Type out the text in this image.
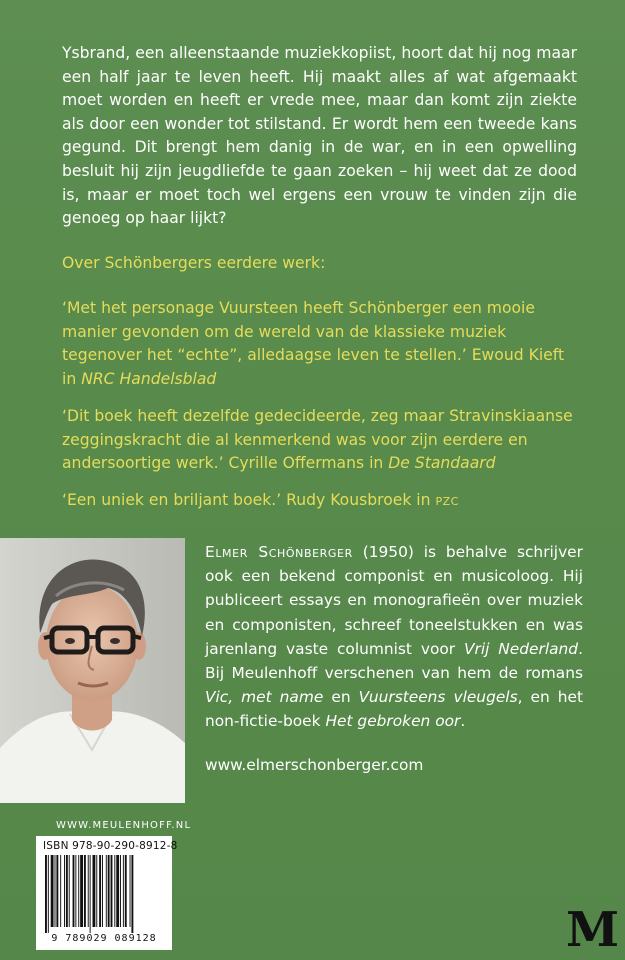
Ysbrand, een alleenstaande muziekkopiist, hoort dat hij nog maar een half jaar te leven heeft. Hij maakt alles af wat afgemaakt moet worden en heeft er vrede mee, maar dan komt zijn ziekte als door een wonder tot stilstand. Er wordt hem een tweede kans gegund. Dit brengt hem danig in de war, en in een opwelling besluit hij zijn jeugdliefde te gaan zoeken – hij weet dat ze dood is, maar er moet toch wel ergens een vrouw te vinden zijn die genoeg op haar lijkt?

Over Schönbergers eerdere werk:

‘Met het personage Vuursteen heeft Schönberger een mooie manier gevonden om de wereld van de klassieke muziek tegenover het “echte”, alledaagse leven te stellen.’ Ewoud Kieft in NRC Handelsblad

‘Dit boek heeft dezelfde gedecideerde, zeg maar Stravinskiaanse zeggingskracht die al kenmerkend was voor zijn eerdere en andersoortige werk.’ Cyrille Offermans in De Standaard

‘Een uniek en briljant boek.’ Rudy Kousbroek in pzc

Elmer Schönberger (1950) is behalve schrijver ook een bekend componist en musicoloog. Hij publiceert essays en monografieën over muziek en componisten, schreef toneelstukken en was jarenlang vaste columnist voor Vrij Nederland. Bij Meulenhoff verschenen van hem de romans Vic, met name en Vuursteens vleugels, en het non-fictie-boek Het gebroken oor.

www.elmerschonberger.com

WWW.MEULENHOFF.NL
ISBN 978-90-290-8912-8
9 789029 089128	M
